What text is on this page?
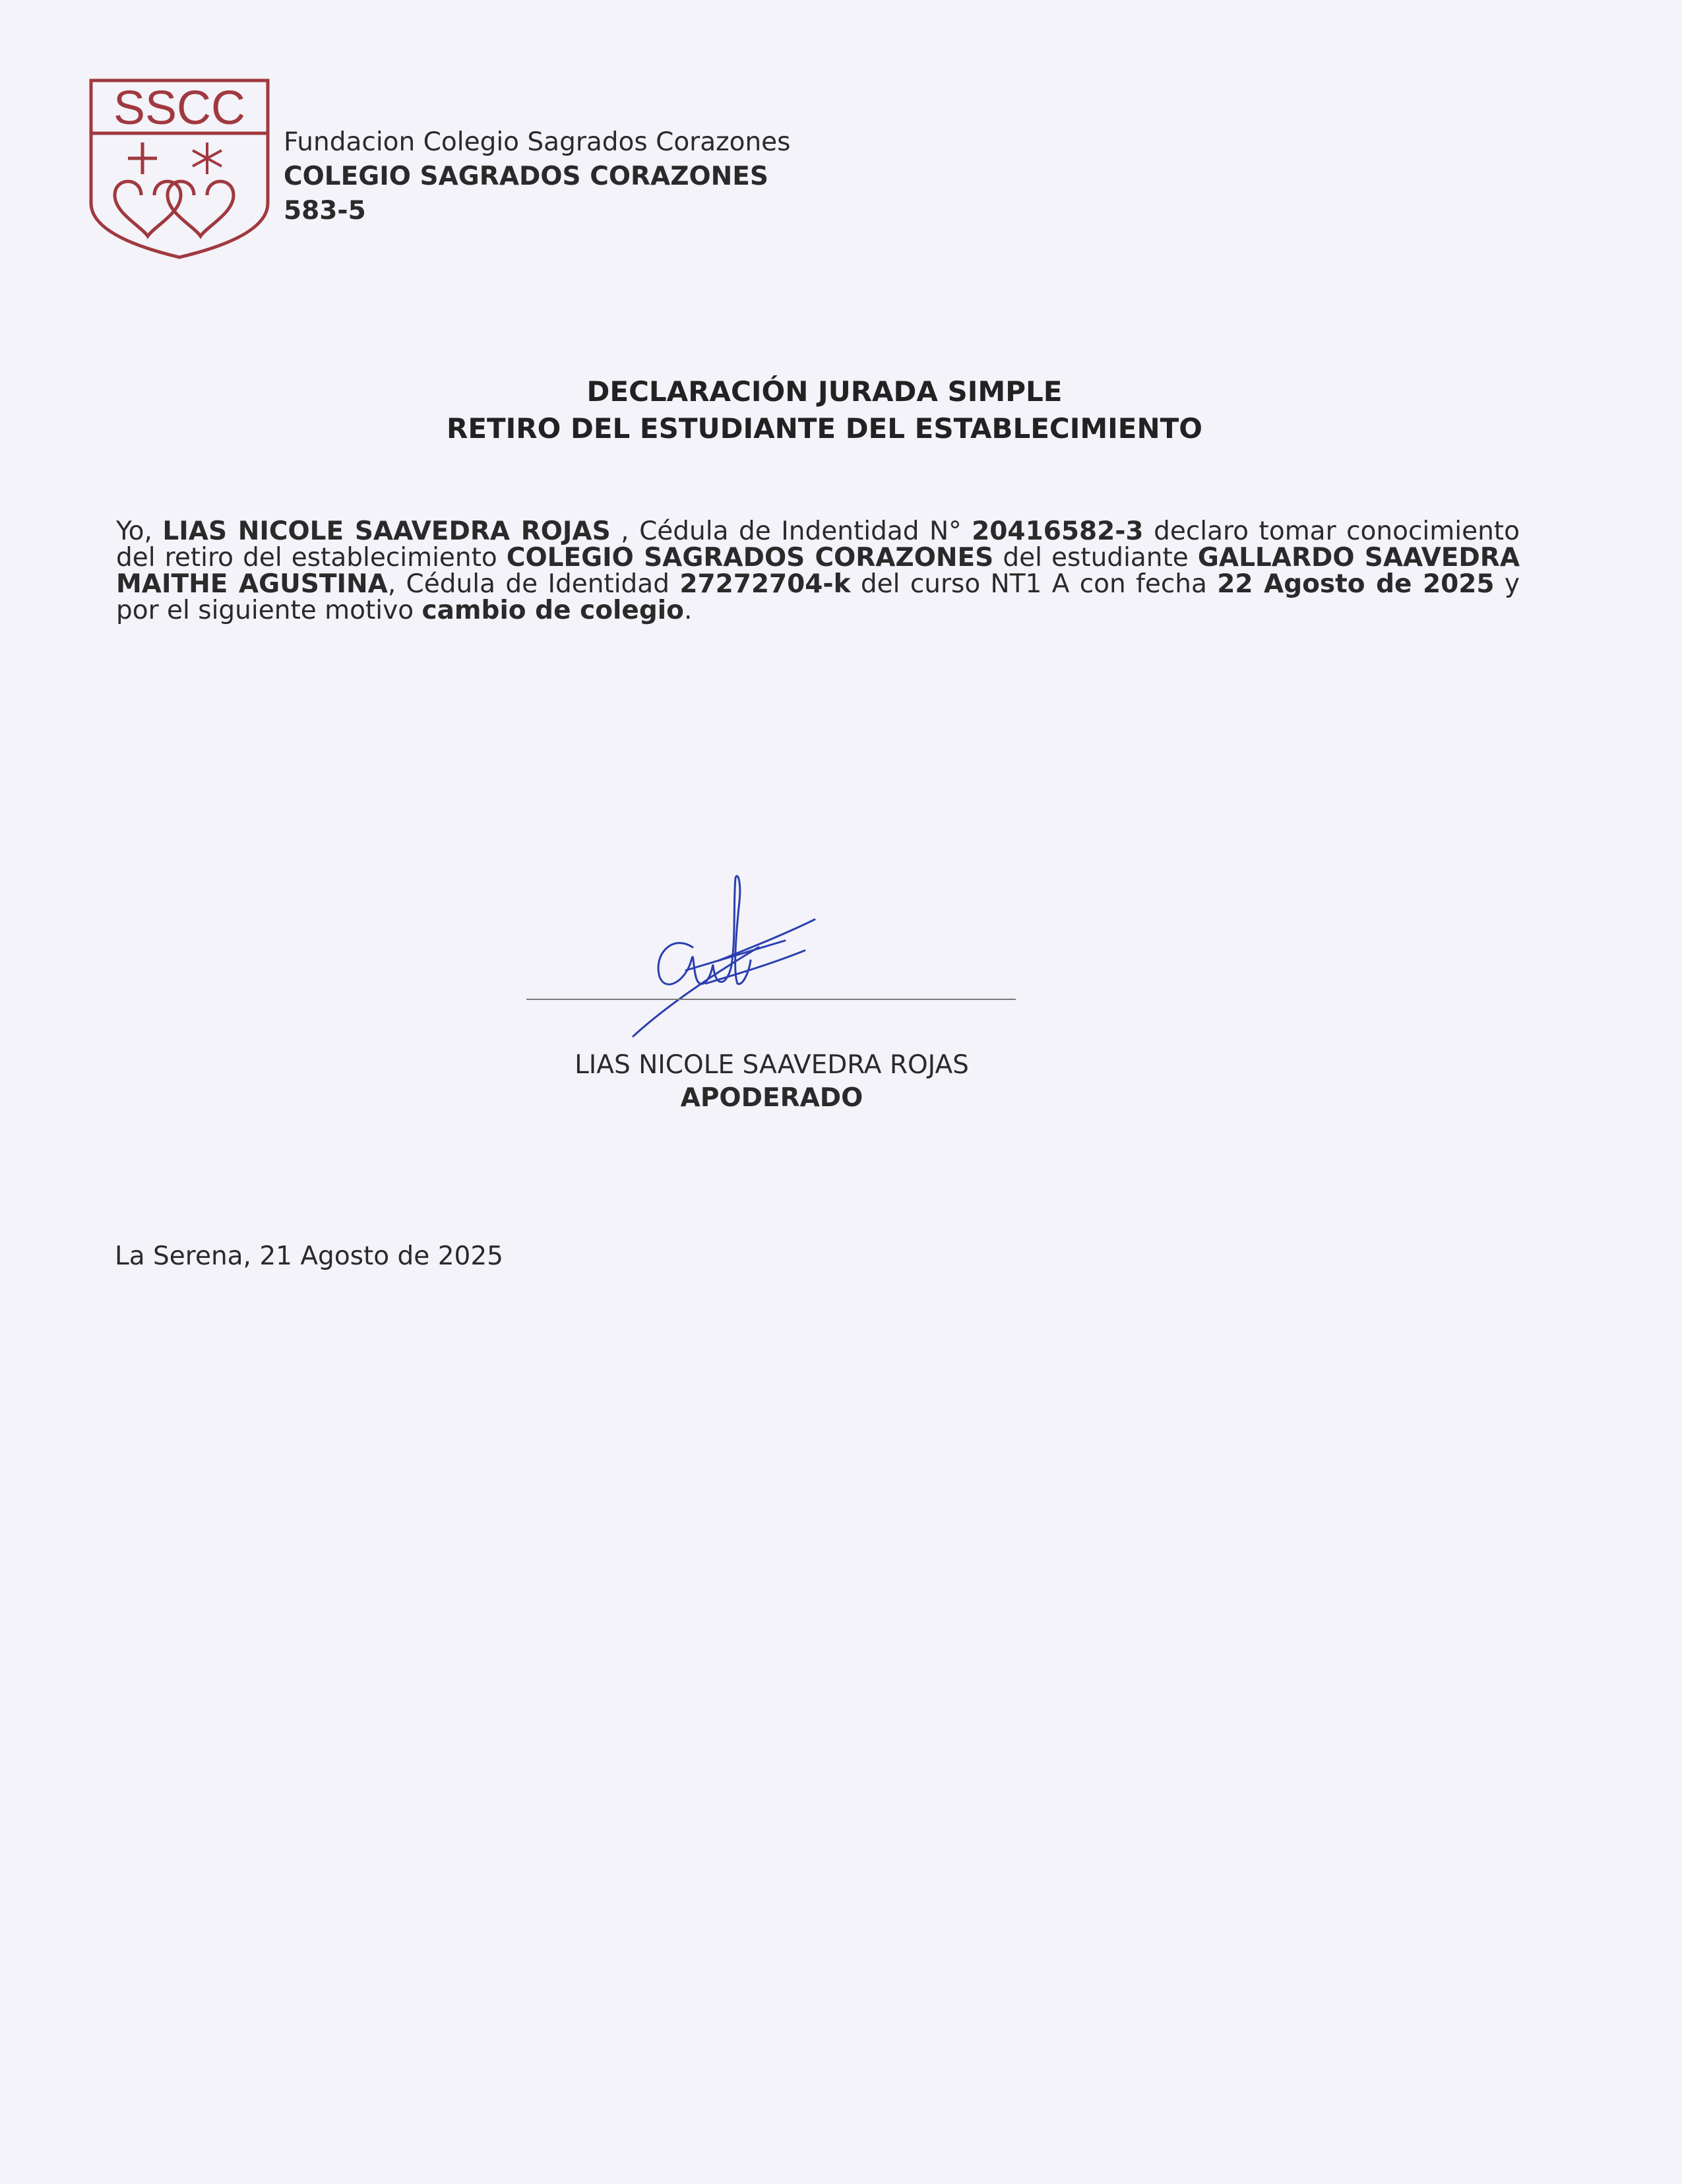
SSCC
Fundacion Colegio Sagrados Corazones
COLEGIO SAGRADOS CORAZONES
583-5
DECLARACIÓN JURADA SIMPLE
RETIRO DEL ESTUDIANTE DEL ESTABLECIMIENTO
Yo, LIAS NICOLE SAAVEDRA ROJAS , Cédula de Indentidad N° 20416582-3 declaro tomar conocimiento del retiro del establecimiento COLEGIO SAGRADOS CORAZONES del estudiante GALLARDO SAAVEDRA MAITHE AGUSTINA, Cédula de Identidad 27272704-k del curso NT1 A con fecha 22 Agosto de 2025 y por el siguiente motivo cambio de colegio.
LIAS NICOLE SAAVEDRA ROJAS
APODERADO
La Serena, 21 Agosto de 2025
